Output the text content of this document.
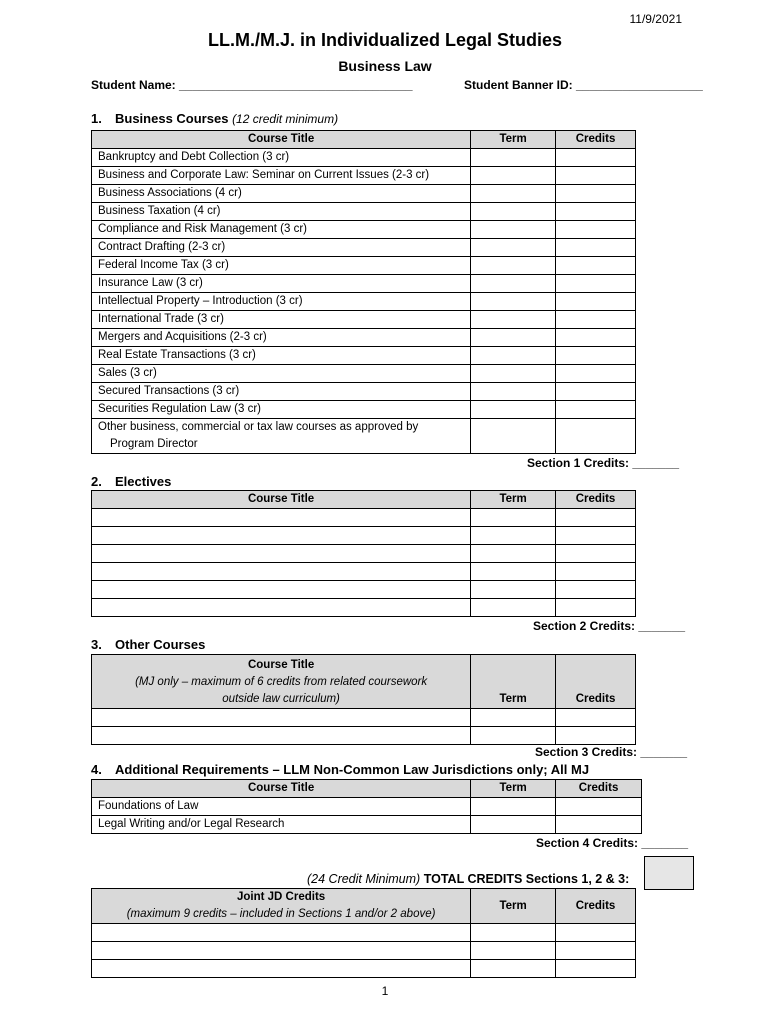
11/9/2021
LL.M./M.J. in Individualized Legal Studies
Business Law
Student Name: ___________________________________	Student Banner ID: ___________________
1. Business Courses (12 credit minimum)
Course Title	Term	Credits
Bankruptcy and Debt Collection (3 cr)		
Business and Corporate Law: Seminar on Current Issues (2-3 cr)		
Business Associations (4 cr)		
Business Taxation (4 cr)		
Compliance and Risk Management (3 cr)		
Contract Drafting (2-3 cr)		
Federal Income Tax (3 cr)		
Insurance Law (3 cr)		
Intellectual Property – Introduction (3 cr)		
International Trade (3 cr)		
Mergers and Acquisitions (2-3 cr)		
Real Estate Transactions (3 cr)		
Sales (3 cr)		
Secured Transactions (3 cr)		
Securities Regulation Law (3 cr)		
Other business, commercial or tax law courses as approved by
Program Director		
Section 1 Credits: _______
2. Electives
Course Title	Term	Credits

Section 2 Credits: _______
3. Other Courses
Course Title
(MJ only – maximum of 6 credits from related coursework
outside law curriculum)	Term	Credits

Section 3 Credits: _______
4. Additional Requirements – LLM Non-Common Law Jurisdictions only; All MJ
Course Title	Term	Credits
Foundations of Law		
Legal Writing and/or Legal Research		
Section 4 Credits: _______
(24 Credit Minimum) TOTAL CREDITS Sections 1, 2 & 3:
Joint JD Credits
(maximum 9 credits – included in Sections 1 and/or 2 above)	Term	Credits

1
